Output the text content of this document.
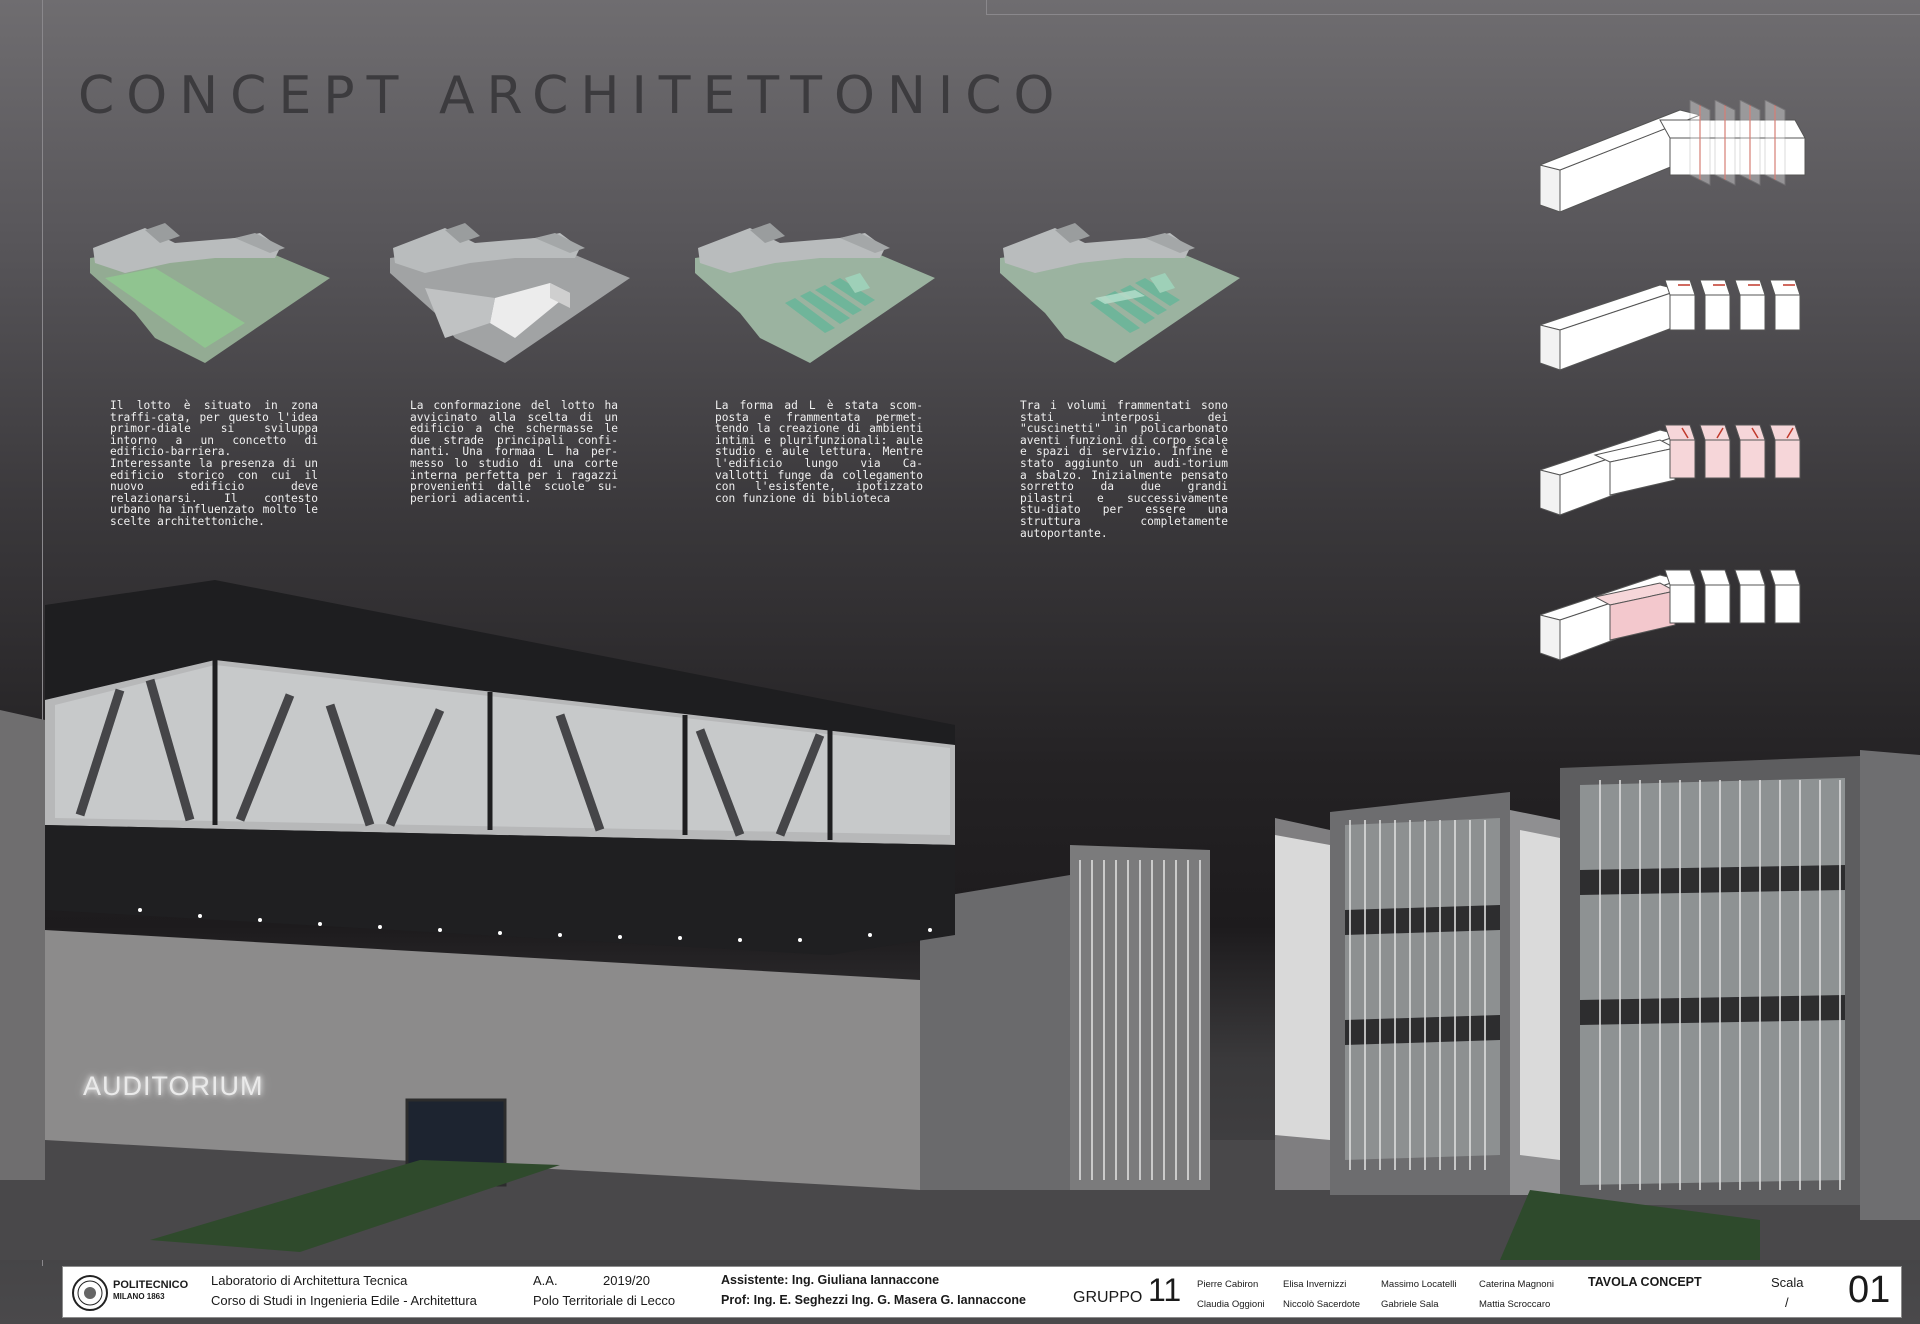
CONCEPT ARCHITETTONICO

Il lotto è situato in zona traffi-cata, per questo l'idea primor-diale si sviluppa intorno a un concetto di edificio-barriera. Interessante la presenza di un edificio storico con cui il nuovo edificio deve relazionarsi. Il contesto urbano ha influenzato molto le scelte architettoniche.

La conformazione del lotto ha avvicinato alla scelta di un edificio a che schermasse le due strade principali confi-nanti. Una formaa L ha per-messo lo studio di una corte interna perfetta per i ragazzi provenienti dalle scuole su-periori adiacenti.

La forma ad L è stata scom-posta e frammentata permet-tendo la creazione di ambienti intimi e plurifunzionali: aule studio e aule lettura. Mentre l'edificio lungo via Ca-vallotti funge da collegamento con l'esistente, ipotizzato con funzione di biblioteca

Tra i volumi frammentati sono stati interposi dei "cuscinetti" in policarbonato aventi funzioni di corpo scale e spazi di servizio. Infine è stato aggiunto un audi-torium a sbalzo. Inizialmente pensato sorretto da due grandi pilastri e successivamente stu-diato per essere una struttura completamente autoportante.

AUDITORIUM
POLITECNICO
MILANO 1863
Laboratorio di Architettura Tecnica
Corso di Studi in Ingenieria Edile - Architettura
A.A.	2019/20
Polo Territoriale di Lecco
Assistente: Ing. Giuliana Iannaccone
Prof: Ing. E. Seghezzi Ing. G. Masera G. Iannaccone	GRUPPO 11 Pierre Cabiron
Claudia Oggioni
Elisa Invernizzi
Niccolò Sacerdote
Massimo Locatelli
Gabriele Sala
Caterina Magnoni
Mattia Scroccaro
TAVOLA CONCEPT	Scala
/ 01
